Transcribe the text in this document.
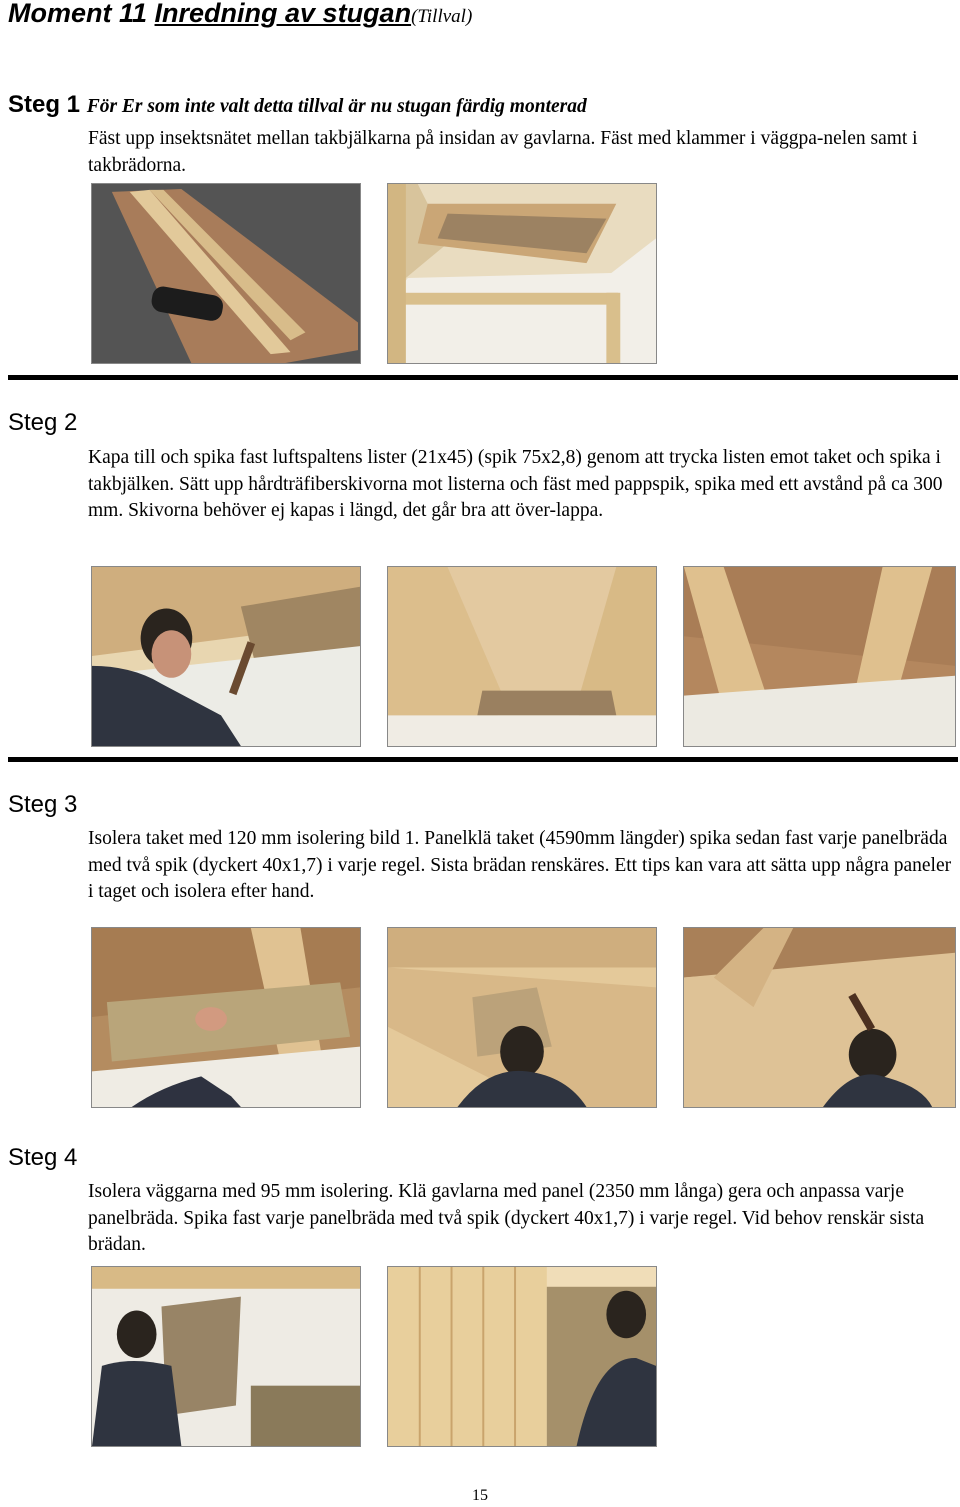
Moment 11 Inredning av stugan(Tillval)
Steg 1 För Er som inte valt detta tillval är nu stugan färdig monterad
Fäst upp insektsnätet mellan takbjälkarna på insidan av gavlarna. Fäst med klammer i väggpa-nelen samt i takbrädorna.
Steg 2
Kapa till och spika fast luftspaltens lister (21x45) (spik 75x2,8) genom att trycka listen emot taket och spika i takbjälken. Sätt upp hårdträfiberskivorna mot listerna och fäst med pappspik, spika med ett avstånd på ca 300 mm. Skivorna behöver ej kapas i längd, det går bra att över-lappa.
Steg 3
Isolera taket med 120 mm isolering bild 1. Panelklä taket (4590mm längder) spika sedan fast varje panelbräda med två spik (dyckert 40x1,7) i varje regel. Sista brädan renskäres. Ett tips kan vara att sätta upp några paneler i taget och isolera efter hand.
Steg 4
Isolera väggarna med 95 mm isolering. Klä gavlarna med panel (2350 mm långa) gera och anpassa varje panelbräda. Spika fast varje panelbräda med två spik (dyckert 40x1,7) i varje regel. Vid behov renskär sista brädan.
15
